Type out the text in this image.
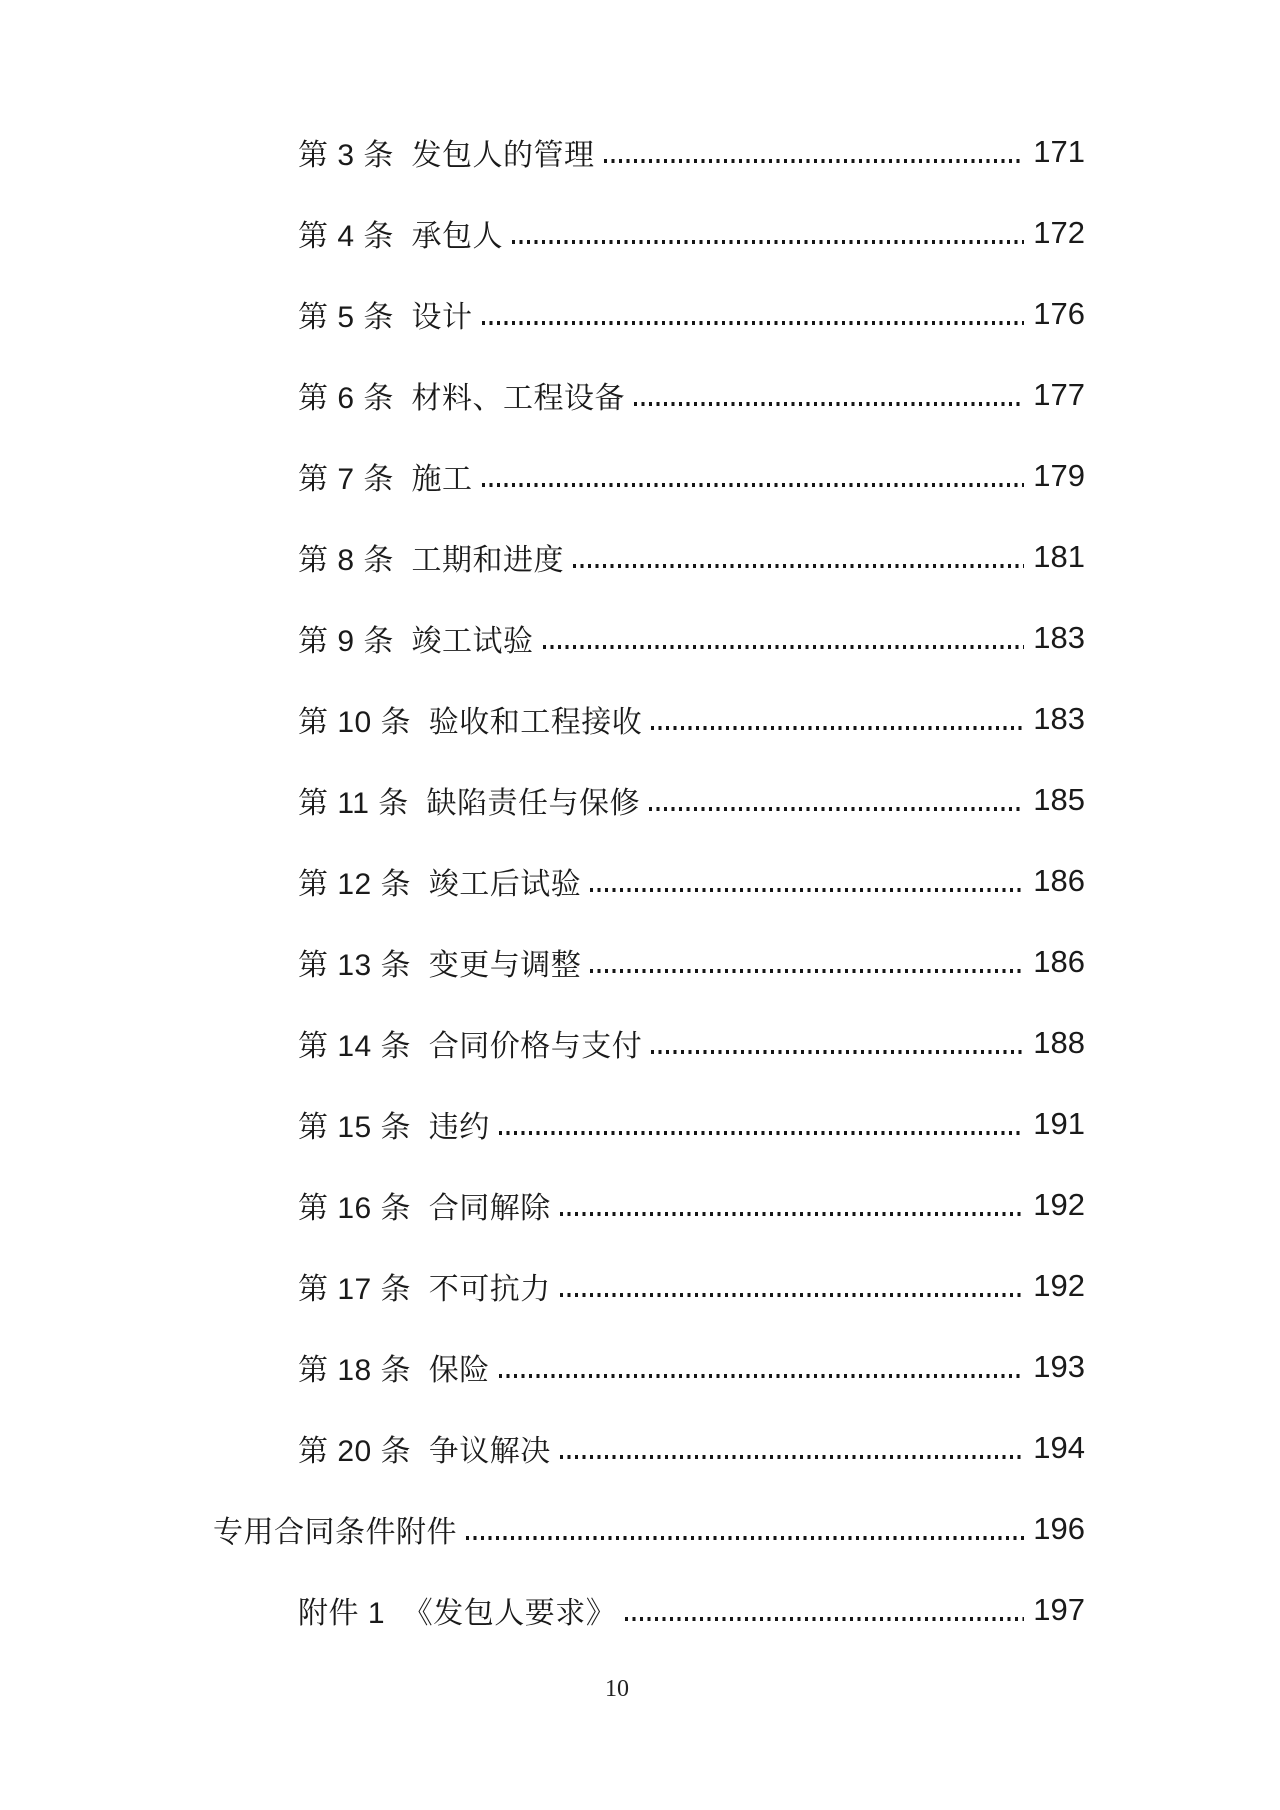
第 3 条  发包人的管理	171
第 4 条  承包人	172
第 5 条  设计	176
第 6 条  材料、工程设备	177
第 7 条  施工	179
第 8 条  工期和进度	181
第 9 条  竣工试验	183
第 10 条  验收和工程接收	183
第 11 条  缺陷责任与保修	185
第 12 条  竣工后试验	186
第 13 条  变更与调整	186
第 14 条  合同价格与支付	188
第 15 条  违约	191
第 16 条  合同解除	192
第 17 条  不可抗力	192
第 18 条  保险	193
第 20 条  争议解决	194
专用合同条件附件	196
附件 1  《发包人要求》	197
10
